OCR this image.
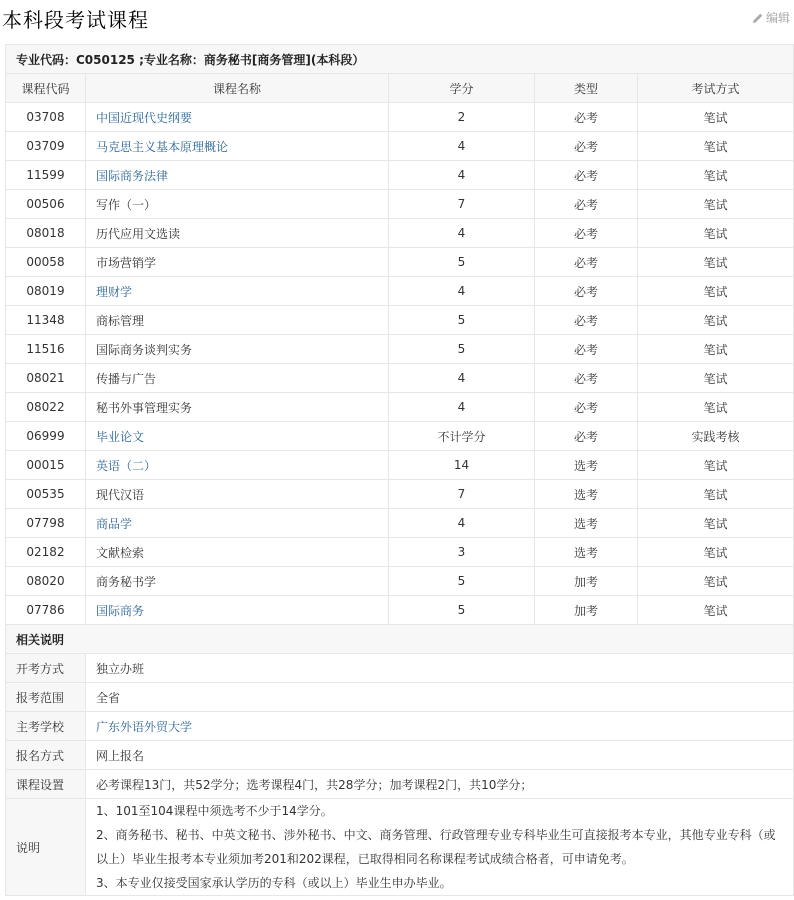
本科段考试课程	编辑
专业代码：C050125 ;专业名称：商务秘书[商务管理](本科段）				
课程代码	课程名称	学分	类型	考试方式
03708	中国近现代史纲要	2	必考	笔试
03709	马克思主义基本原理概论	4	必考	笔试
11599	国际商务法律	4	必考	笔试
00506	写作（一）	7	必考	笔试
08018	历代应用文选读	4	必考	笔试
00058	市场营销学	5	必考	笔试
08019	理财学	4	必考	笔试
11348	商标管理	5	必考	笔试
11516	国际商务谈判实务	5	必考	笔试
08021	传播与广告	4	必考	笔试
08022	秘书外事管理实务	4	必考	笔试
06999	毕业论文	不计学分	必考	实践考核
00015	英语（二）	14	选考	笔试
00535	现代汉语	7	选考	笔试
07798	商品学	4	选考	笔试
02182	文献检索	3	选考	笔试
08020	商务秘书学	5	加考	笔试
07786	国际商务	5	加考	笔试
相关说明				
开考方式	独立办班			
报考范围	全省			
主考学校	广东外语外贸大学			
报名方式	网上报名			
课程设置	必考课程13门，共52学分；选考课程4门，共28学分；加考课程2门，共10学分；			
说明	1、101至104课程中须选考不少于14学分。
2、商务秘书、秘书、中英文秘书、涉外秘书、中文、商务管理、行政管理专业专科毕业生可直接报考本专业，其他专业专科（或以上）毕业生报考本专业须加考201和202课程，已取得相同名称课程考试成绩合格者，可申请免考。
3、本专业仅接受国家承认学历的专科（或以上）毕业生申办毕业。			
